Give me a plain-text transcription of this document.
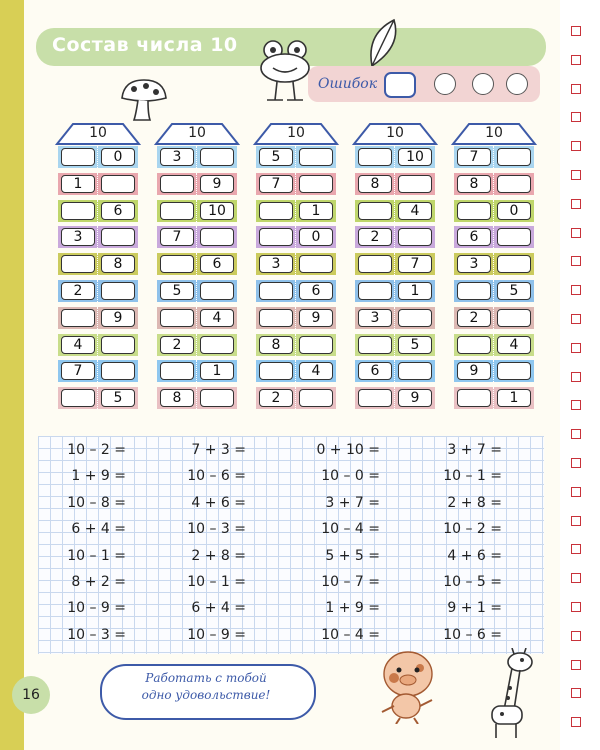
Состав числа 10
Ошибок
10
0
1
6
3
8
2
9
4
7
5
10
3
9
10
7
6
5
4
2
1
8
10
5
7
1
0
3
6
9
8
4
2
10
10
8
4
2
7
1
3
5
6
9
10
7
8
0
6
3
5
2
4
9
1
10 – 2 =
1 + 9 =
10 – 8 =
6 + 4 =
10 – 1 =
8 + 2 =
10 – 9 =
10 – 3 =
7 + 3 =
10 – 6 =
4 + 6 =
10 – 3 =
2 + 8 =
10 – 1 =
6 + 4 =
10 – 9 =
0 + 10 =
10 – 0 =
3 + 7 =
10 – 4 =
5 + 5 =
10 – 7 =
1 + 9 =
10 – 4 =
3 + 7 =
10 – 1 =
2 + 8 =
10 – 2 =
4 + 6 =
10 – 5 =
9 + 1 =
10 – 6 =
16
Работать с тобой
одно удовольствие!
